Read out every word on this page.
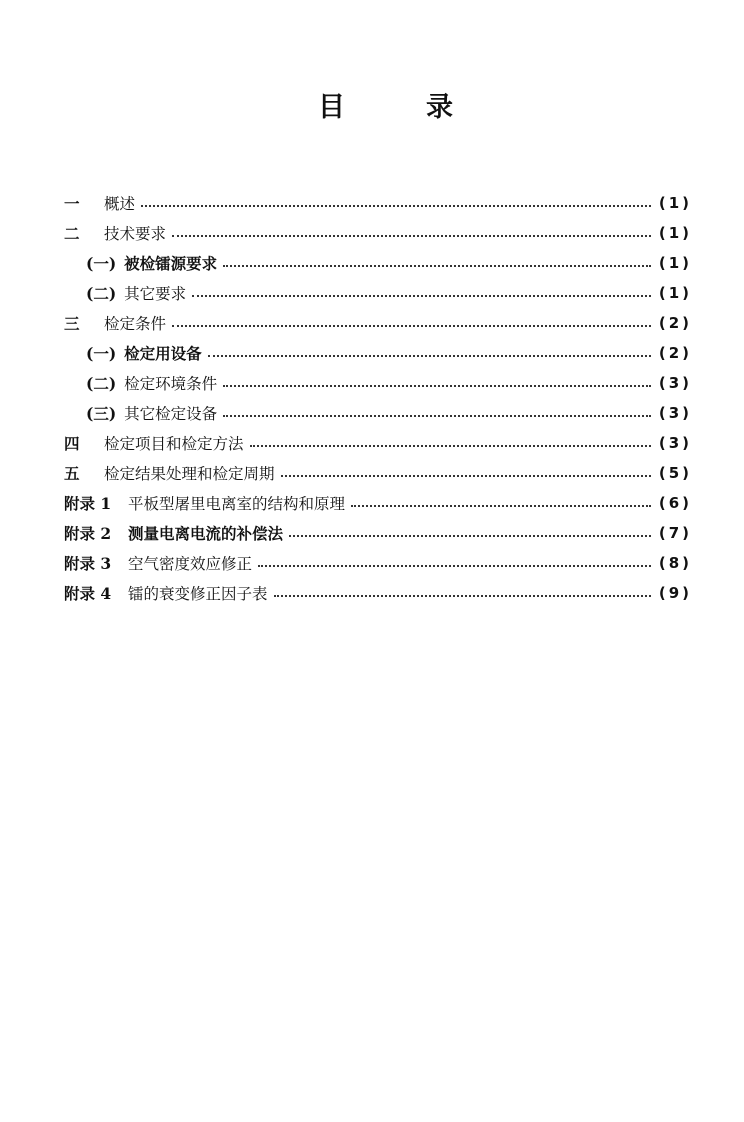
目	录
一	概述	(1)
二	技术要求	(1)
(一) 被检镭源要求	(1)
(二) 其它要求	(1)
三	检定条件	(2)
(一) 检定用设备	(2)
(二) 检定环境条件	(3)
(三) 其它检定设备	(3)
四	检定项目和检定方法	(3)
五	检定结果处理和检定周期	(5)
附录 1	平板型屠里电离室的结构和原理	(6)
附录 2	测量电离电流的补偿法	(7)
附录 3	空气密度效应修正	(8)
附录 4	镭的衰变修正因子表	(9)
